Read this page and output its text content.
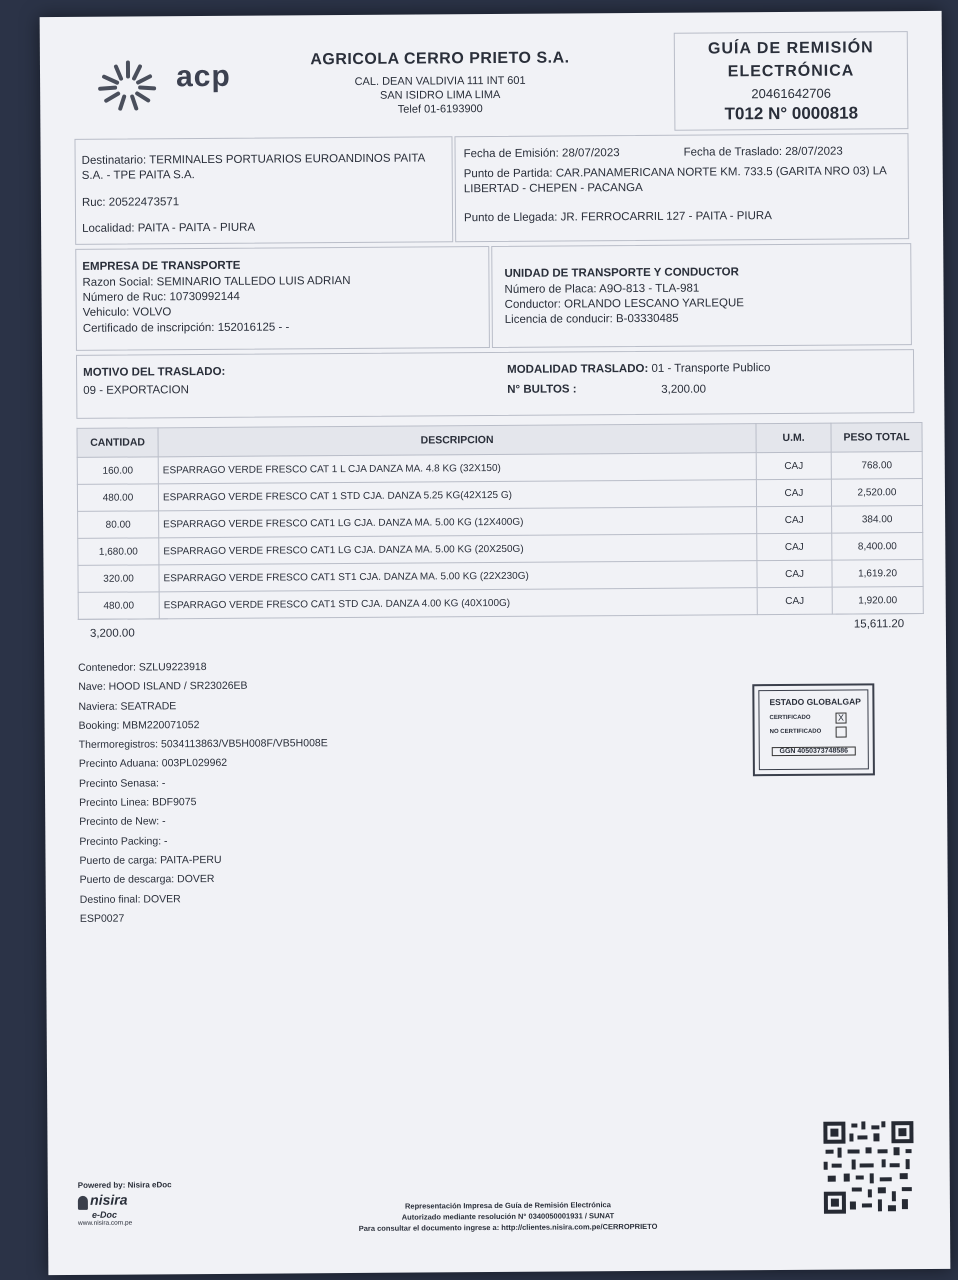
acp
AGRICOLA CERRO PRIETO S.A.
CAL. DEAN VALDIVIA 111 INT 601
SAN ISIDRO LIMA LIMA
Telef 01-6193900
GUÍA DE REMISIÓN
ELECTRÓNICA
20461642706
T012 N° 0000818
Destinatario: TERMINALES PORTUARIOS EUROANDINOS PAITA S.A. - TPE PAITA S.A.
Ruc: 20522473571
Localidad: PAITA - PAITA - PIURA
Fecha de Emisión: 28/07/2023	Fecha de Traslado: 28/07/2023
Punto de Partida: CAR.PANAMERICANA NORTE KM. 733.5 (GARITA NRO 03) LA LIBERTAD - CHEPEN - PACANGA
Punto de Llegada: JR. FERROCARRIL 127 - PAITA - PIURA
EMPRESA DE TRANSPORTE
Razon Social: SEMINARIO TALLEDO LUIS ADRIAN
Número de Ruc: 10730992144
Vehiculo: VOLVO
Certificado de inscripción: 152016125 - -
UNIDAD DE TRANSPORTE Y CONDUCTOR
Número de Placa: A9O-813 - TLA-981
Conductor: ORLANDO LESCANO YARLEQUE
Licencia de conducir: B-03330485
MOTIVO DEL TRASLADO:
09 - EXPORTACION
MODALIDAD TRASLADO: 01 - Transporte Publico
N° BULTOS :	3,200.00
CANTIDAD	DESCRIPCION	U.M.	PESO TOTAL
160.00	ESPARRAGO VERDE FRESCO CAT 1 L CJA DANZA MA. 4.8 KG (32X150)	CAJ	768.00
480.00	ESPARRAGO VERDE FRESCO CAT 1 STD CJA. DANZA 5.25 KG(42X125 G)	CAJ	2,520.00
80.00	ESPARRAGO VERDE FRESCO CAT1 LG CJA. DANZA MA. 5.00 KG (12X400G)	CAJ	384.00
1,680.00	ESPARRAGO VERDE FRESCO CAT1 LG CJA. DANZA MA. 5.00 KG (20X250G)	CAJ	8,400.00
320.00	ESPARRAGO VERDE FRESCO CAT1 ST1 CJA. DANZA MA. 5.00 KG (22X230G)	CAJ	1,619.20
480.00	ESPARRAGO VERDE FRESCO CAT1 STD CJA. DANZA 4.00 KG (40X100G)	CAJ	1,920.00
3,200.00
15,611.20
Contenedor: SZLU9223918
Nave: HOOD ISLAND / SR23026EB
Naviera: SEATRADE
Booking: MBM220071052
Thermoregistros: 5034113863/VB5H008F/VB5H008E
Precinto Aduana: 003PL029962
Precinto Senasa: -
Precinto Linea: BDF9075
Precinto de New: -
Precinto Packing: -
Puerto de carga: PAITA-PERU
Puerto de descarga: DOVER
Destino final: DOVER
ESP0027
ESTADO GLOBALGAP
CERTIFICADO	X
NO CERTIFICADO
GGN 4050373748586
Powered by: Nisira eDoc
nisira
e-Doc
www.nisira.com.pe
Representación Impresa de Guía de Remisión Electrónica
Autorizado mediante resolución N° 0340050001931 / SUNAT
Para consultar el documento ingrese a: http://clientes.nisira.com.pe/CERROPRIETO
